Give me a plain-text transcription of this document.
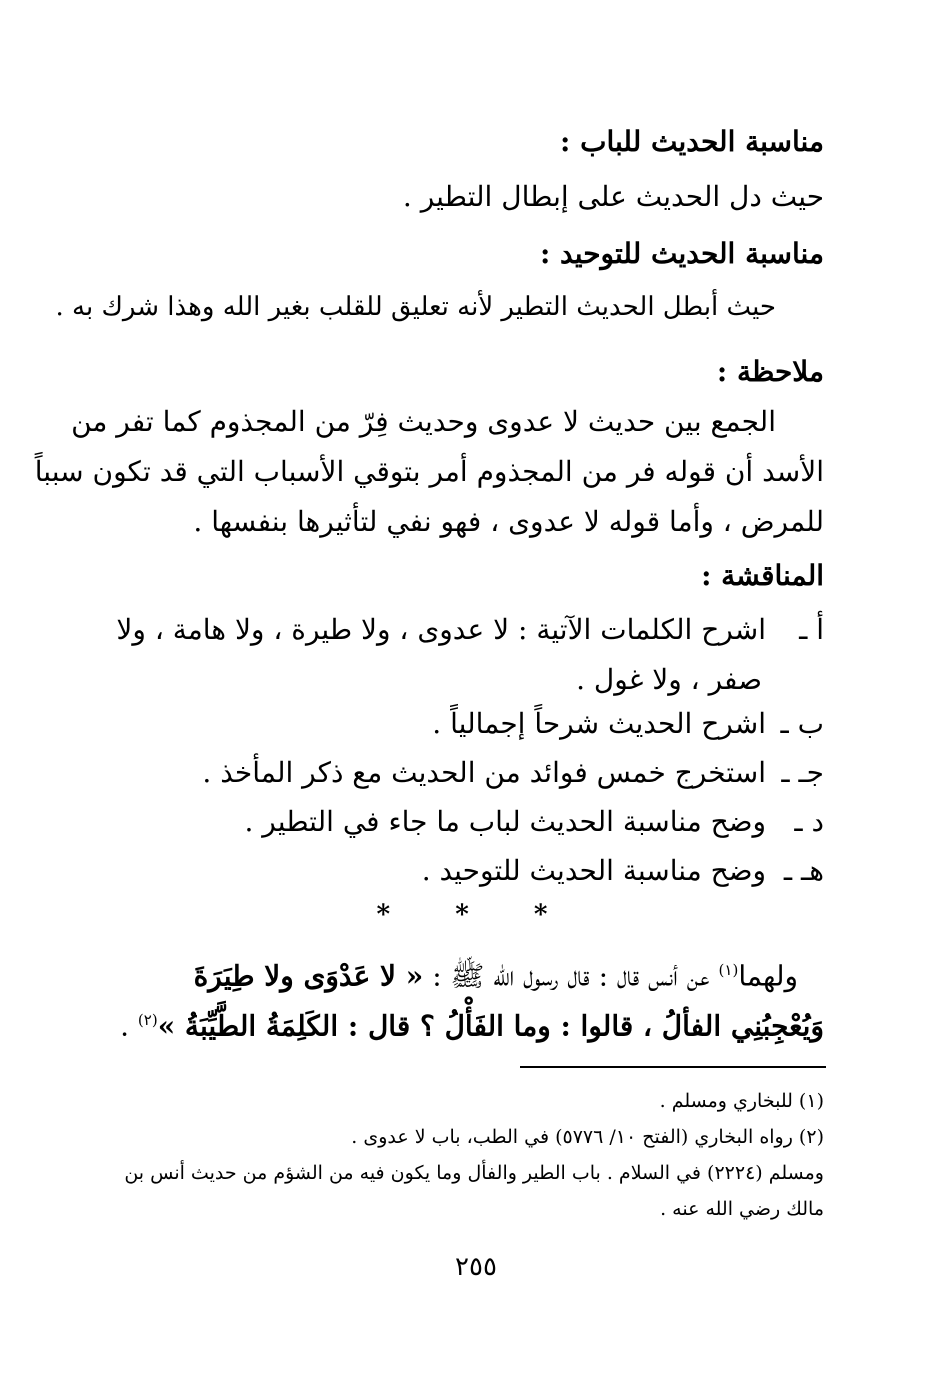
مناسبة الحديث للباب :
حيث دل الحديث على إبطال التطير .
مناسبة الحديث للتوحيد :
حيث أبطل الحديث التطير لأنه تعليق للقلب بغير الله وهذا شرك به .
ملاحظة :
الجمع بين حديث لا عدوى وحديث فِرّ من المجذوم كما تفر من
الأسد أن قوله فر من المجذوم أمر بتوقي الأسباب التي قد تكون سبباً
للمرض ، وأما قوله لا عدوى ، فهو نفي لتأثيرها بنفسها .
المناقشة :
أ ـاشرح الكلمات الآتية : لا عدوى ، ولا طيرة ، ولا هامة ، ولا
صفر ، ولا غول .
ب ـاشرح الحديث شرحاً إجمالياً .
جـ ـاستخرج خمس فوائد من الحديث مع ذكر المأخذ .
د ـوضح مناسبة الحديث لباب ما جاء في التطير .
هـ ـوضح مناسبة الحديث للتوحيد .
* * *
ولهما$^{(١)}$ عن أنس قال : قال رسول الله ﷺ : « لا عَدْوَى ولا طِيَرَةَ
وَيُعْجِبُنِي الفألُ ، قالوا : وما الفَأْلُ ؟ قال : الكَلِمَةُ الطَّيِّبَةُ »$^{(٢)}$ .
(١) للبخاري ومسلم .
(٢) رواه البخاري (الفتح ١٠/ ٥٧٧٦) في الطب، باب لا عدوى .
ومسلم (٢٢٢٤) في السلام . باب الطير والفأل وما يكون فيه من الشؤم من حديث أنس بن
مالك رضي الله عنه .
٢٥٥
